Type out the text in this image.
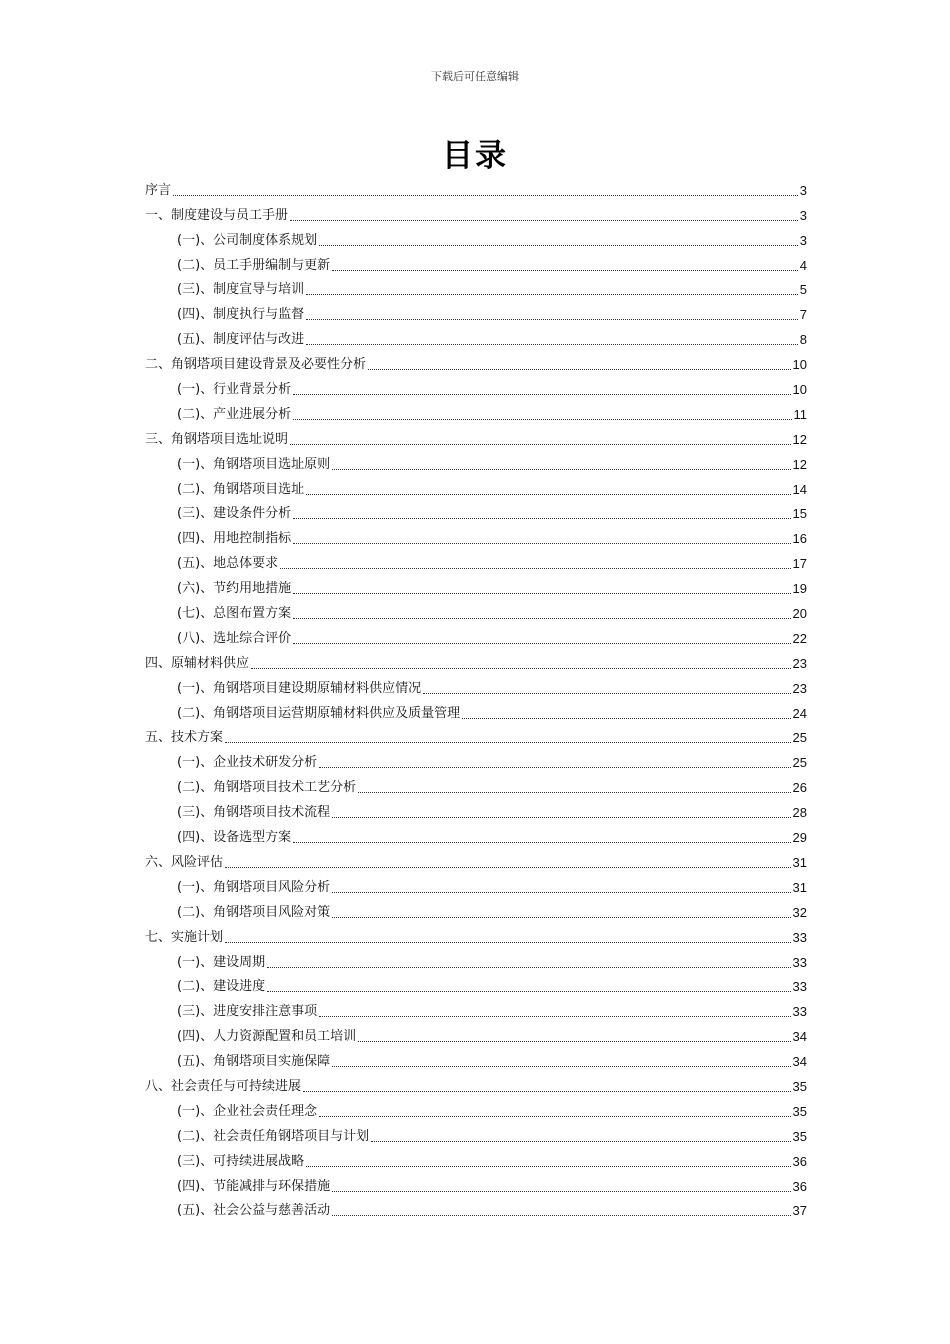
下载后可任意编辑
目录
序言	3
一、制度建设与员工手册	3
(一)、公司制度体系规划	3
(二)、员工手册编制与更新	4
(三)、制度宣导与培训	5
(四)、制度执行与监督	7
(五)、制度评估与改进	8
二、角钢塔项目建设背景及必要性分析	10
(一)、行业背景分析	10
(二)、产业进展分析	11
三、角钢塔项目选址说明	12
(一)、角钢塔项目选址原则	12
(二)、角钢塔项目选址	14
(三)、建设条件分析	15
(四)、用地控制指标	16
(五)、地总体要求	17
(六)、节约用地措施	19
(七)、总图布置方案	20
(八)、选址综合评价	22
四、原辅材料供应	23
(一)、角钢塔项目建设期原辅材料供应情况	23
(二)、角钢塔项目运营期原辅材料供应及质量管理	24
五、技术方案	25
(一)、企业技术研发分析	25
(二)、角钢塔项目技术工艺分析	26
(三)、角钢塔项目技术流程	28
(四)、设备选型方案	29
六、风险评估	31
(一)、角钢塔项目风险分析	31
(二)、角钢塔项目风险对策	32
七、实施计划	33
(一)、建设周期	33
(二)、建设进度	33
(三)、进度安排注意事项	33
(四)、人力资源配置和员工培训	34
(五)、角钢塔项目实施保障	34
八、社会责任与可持续进展	35
(一)、企业社会责任理念	35
(二)、社会责任角钢塔项目与计划	35
(三)、可持续进展战略	36
(四)、节能减排与环保措施	36
(五)、社会公益与慈善活动	37
